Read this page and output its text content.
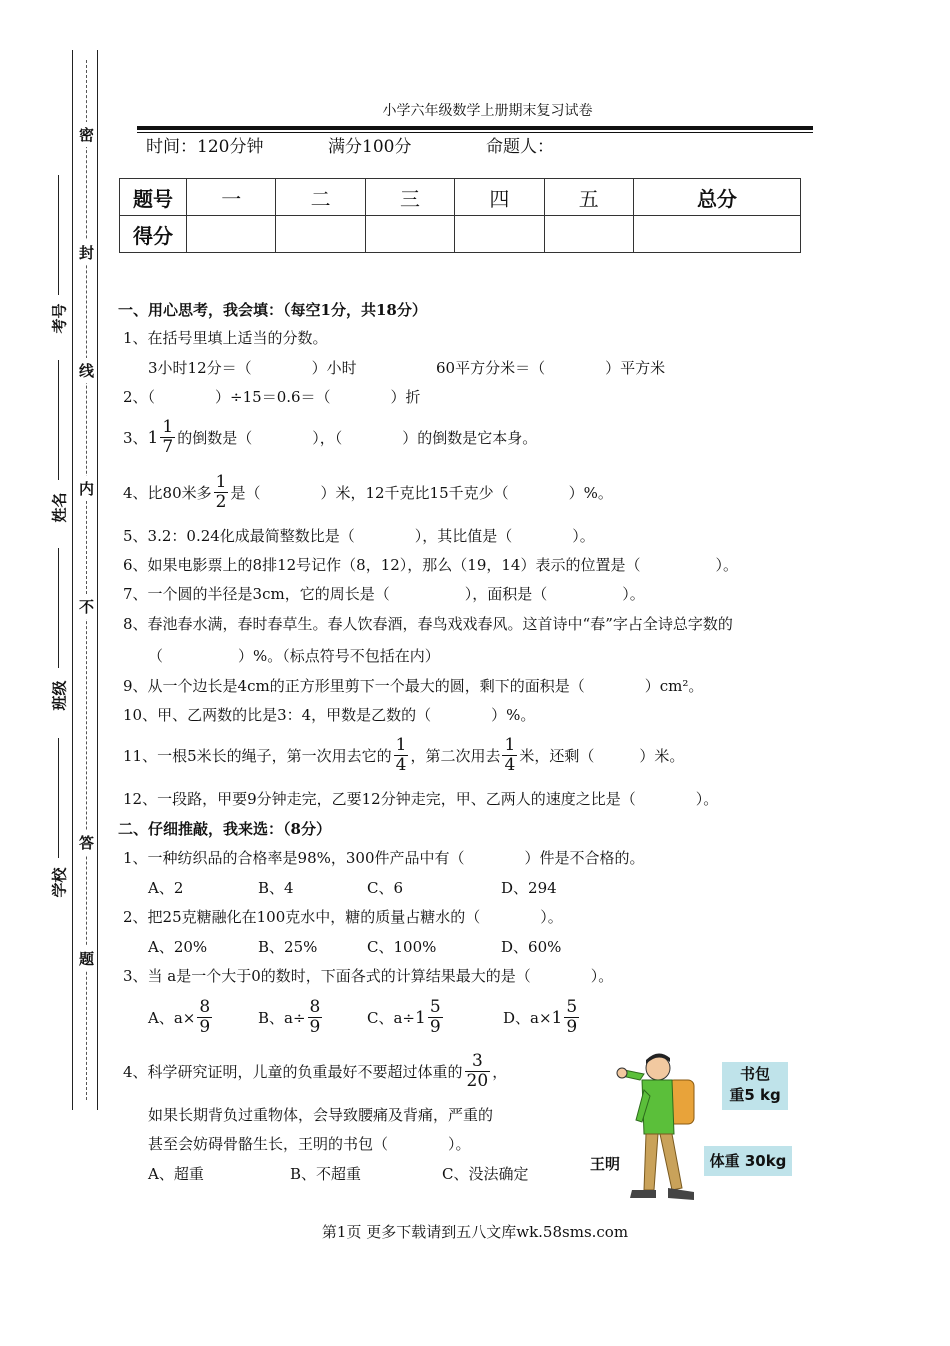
密
封
线
内
不
答
题
考号
姓名
班级
学校
小学六年级数学上册期末复习试卷
时间：120分钟	满分100分	命题人：
题号	一	二	三	四	五	总分
得分						
一、用心思考，我会填：（每空1分，共18分）
1、在括号里填上适当的分数。
3小时12分＝（　　　　）小时	60平方分米＝（　　　　）平方米
2、（　　　　）÷15＝0.6＝（　　　　）折
3、 $1 \frac{1}{7}$ 的倒数是（　　　　），（　　　　）的倒数是它本身。
4、比80米多 $\frac{1}{2}$ 是（　　　　）米，12千克比15千克少（　　　　）%。
5、3.2：0.24化成最简整数比是（　　　　），其比值是（　　　　）。
6、如果电影票上的8排12号记作（8，12），那么（19，14）表示的位置是（　　　　　）。
7、一个圆的半径是3cm，它的周长是（　　　　　），面积是（　　　　　）。
8、春池春水满，春时春草生。春人饮春酒，春鸟戏戏春风。这首诗中“春”字占全诗总字数的
（　　　　　）%。（标点符号不包括在内）
9、从一个边长是4cm的正方形里剪下一个最大的圆，剩下的面积是（　　　　）cm²。
10、甲、乙两数的比是3：4，甲数是乙数的（　　　　）%。
11、一根5米长的绳子，第一次用去它的 $\frac{1}{4}$ ，第二次用去 $\frac{1}{4}$ 米，还剩（　　　）米。
12、一段路，甲要9分钟走完，乙要12分钟走完，甲、乙两人的速度之比是（　　　　）。
二、仔细推敲，我来选：（8分）
1、一种纺织品的合格率是98%，300件产品中有（　　　　）件是不合格的。
A、2	B、4	C、6	D、294
2、把25克糖融化在100克水中，糖的质量占糖水的（　　　　）。
A、20%	B、25%	C、100%	D、60%
3、当 a是一个大于0的数时，下面各式的计算结果最大的是（　　　　）。
A、$a\times \frac{8}{9}$	B、$a\div \frac{8}{9}$	C、$a\div 1 \frac{5}{9}$	D、$a\times 1 \frac{5}{9}$
4、科学研究证明，儿童的负重最好不要超过体重的 $\frac{3}{20}$ ，
如果长期背负过重物体，会导致腰痛及背痛，严重的
甚至会妨碍骨骼生长，王明的书包（　　　　）。
A、超重	B、不超重	C、没法确定
书包
重5 kg
王明	体重 30kg
第1页 更多下载请到五八文库wk.58sms.com
